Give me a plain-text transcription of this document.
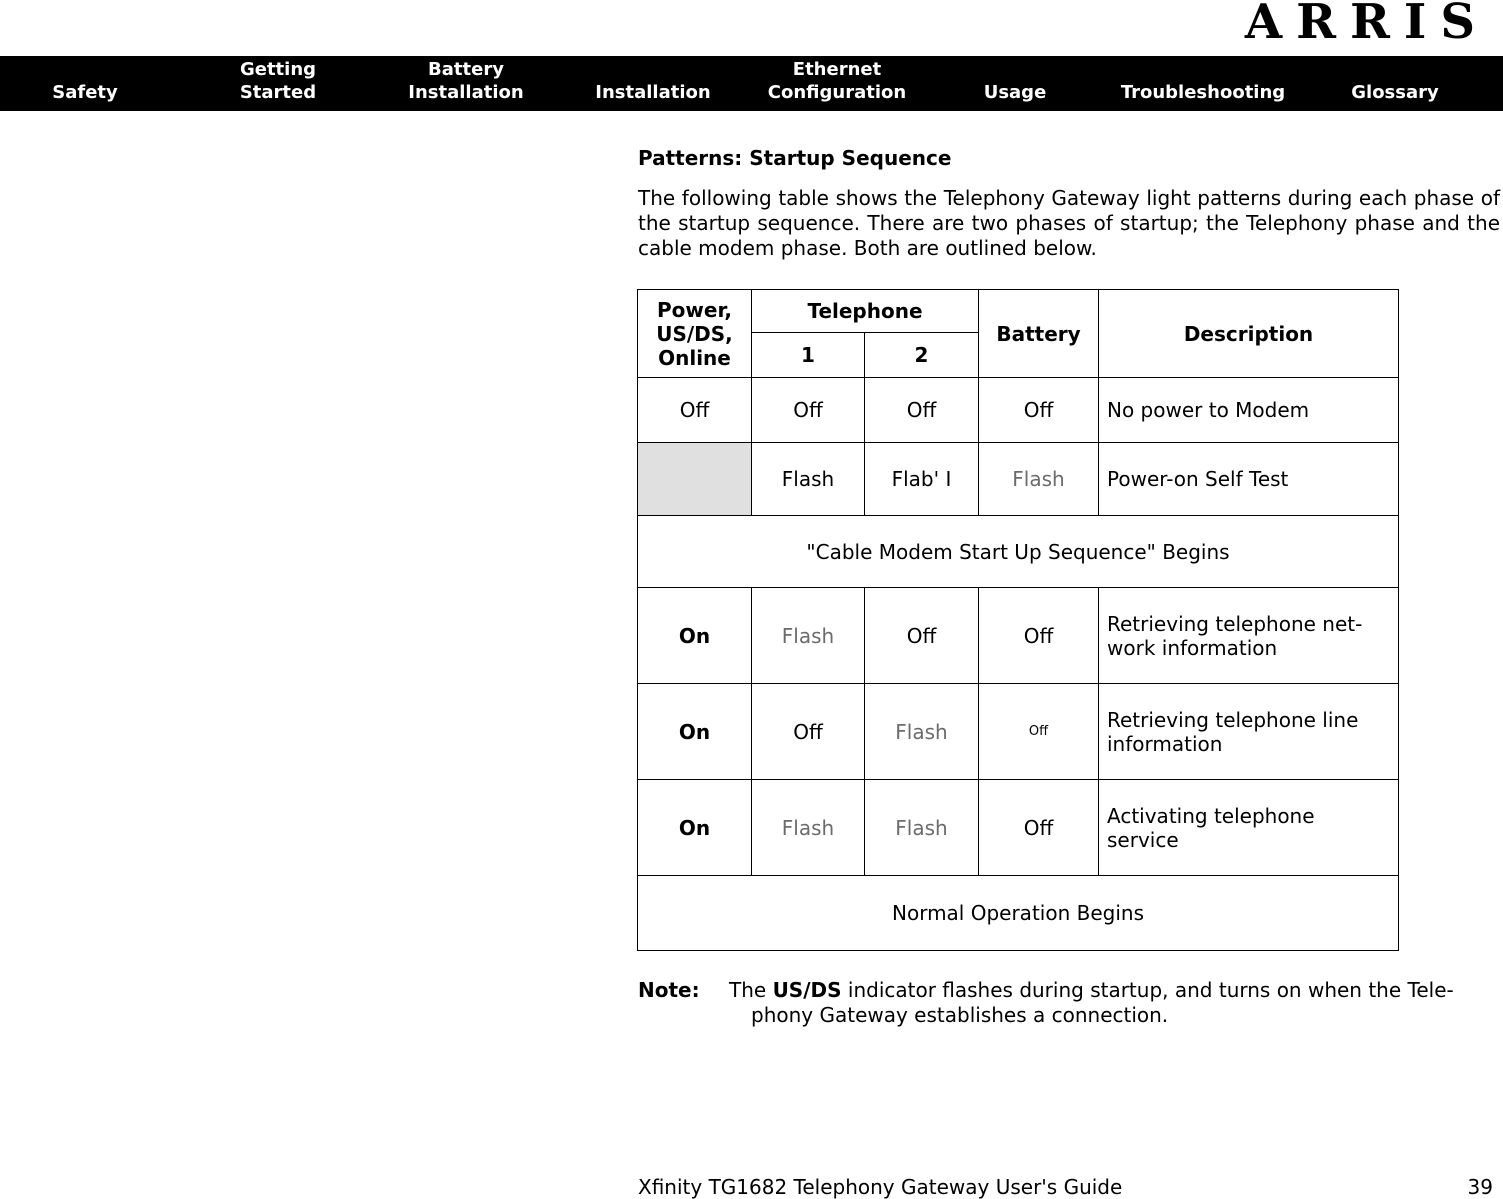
ARRIS
Safety
Getting
Started
Battery
Installation	Installation
Ethernet
Configuration	Usage	Troubleshooting	Glossary
Patterns: Startup Sequence
The following table shows the Telephony Gateway light patterns during each phase of the startup sequence. There are two phases of startup; the Telephony phase and the cable modem phase. Both are outlined below.
Power,
US/DS,
Online	Telephone		Battery	Description
	1	2		
Off	Off	Off	Off	No power to Modem

	Flash	Flab' I	Flash	Power-on Self Test

"Cable Modem Start Up Sequence" Begins				
On	Flash	Off	Off	Retrieving telephone net-
work information

On	Off	Flash	Off	Retrieving telephone line
information

On	Flash	Flash	Off	Activating telephone
service

Normal Operation Begins				
Note: The US/DS indicator flashes during startup, and turns on when the Tele-
phony Gateway establishes a connection.
Xfinity TG1682 Telephony Gateway User's Guide	39
